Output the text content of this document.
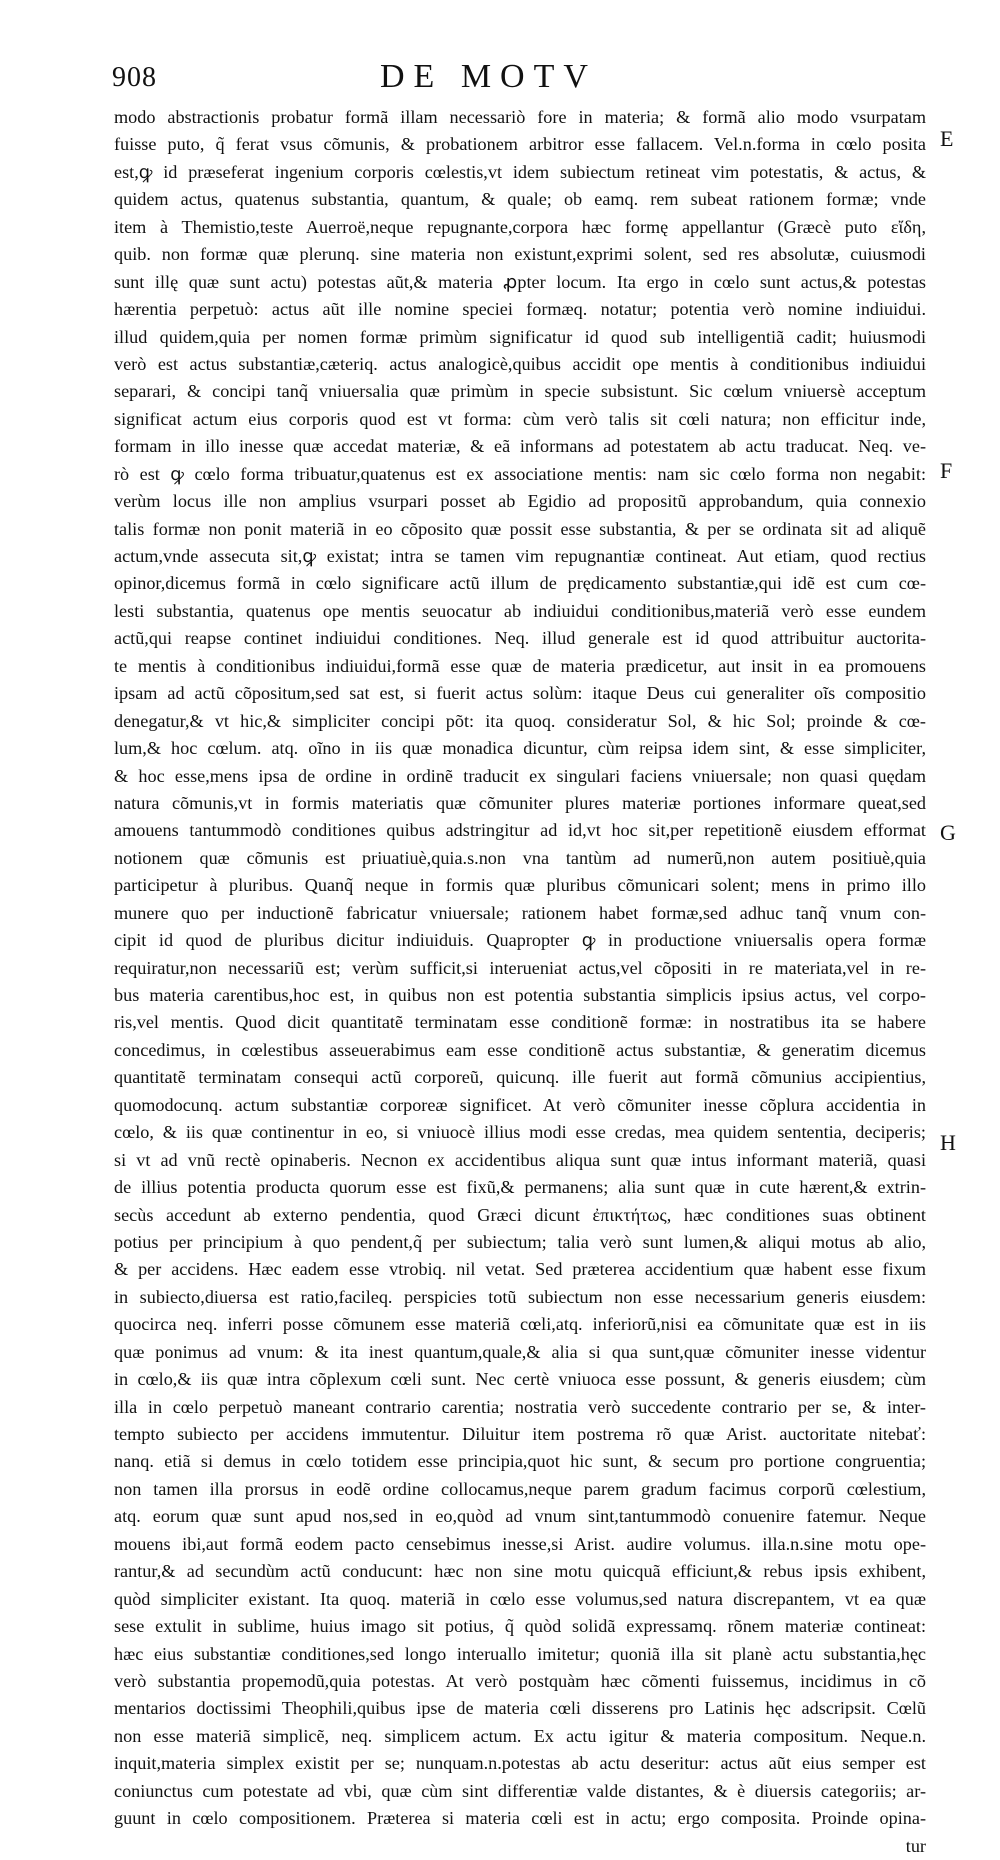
908	DE MOTV
E
F
G
H
modo abstractionis probatur formã illam necessariò fore in materia; & formã alio modo vsurpatam
fuisse puto, q̃ ferat vsus cõmunis, & probationem arbitror esse fallacem. Vel.n.forma in cœlo posita
est,ꝙ id præseferat ingenium corporis cœlestis,vt idem subiectum retineat vim potestatis, & actus, &
quidem actus, quatenus substantia, quantum, & quale; ob eamq. rem subeat rationem formæ; vnde
item à Themistio,teste Auerroë,neque repugnante,corpora hæc formę appellantur (Græcè puto εἴδη,
quib. non formæ quæ plerunq. sine materia non existunt,exprimi solent, sed res absolutæ, cuiusmodi
sunt illę quæ sunt actu) potestas aũt,& materia ꝓpter locum. Ita ergo in cœlo sunt actus,& potestas
hærentia perpetuò: actus aũt ille nomine speciei formæq. notatur; potentia verò nomine indiuidui.
illud quidem,quia per nomen formæ primùm significatur id quod sub intelligentiã cadit; huiusmodi
verò est actus substantiæ,cæteriq. actus analogicè,quibus accidit ope mentis à conditionibus indiuidui
separari, & concipi tanq̃ vniuersalia quæ primùm in specie subsistunt. Sic cœlum vniuersè acceptum
significat actum eius corporis quod est vt forma: cùm verò talis sit cœli natura; non efficitur inde,
formam in illo inesse quæ accedat materiæ, & eã informans ad potestatem ab actu traducat. Neq. ve-
rò est ꝙ cœlo forma tribuatur,quatenus est ex associatione mentis: nam sic cœlo forma non negabit:
verùm locus ille non amplius vsurpari posset ab Egidio ad propositũ approbandum, quia connexio
talis formæ non ponit materiã in eo cõposito quæ possit esse substantia, & per se ordinata sit ad aliquẽ
actum,vnde assecuta sit,ꝙ existat; intra se tamen vim repugnantiæ contineat. Aut etiam, quod rectius
opinor,dicemus formã in cœlo significare actũ illum de prędicamento substantiæ,qui idẽ est cum cœ-
lesti substantia, quatenus ope mentis seuocatur ab indiuidui conditionibus,materiã verò esse eundem
actũ,qui reapse continet indiuidui conditiones. Neq. illud generale est id quod attribuitur auctorita-
te mentis à conditionibus indiuidui,formã esse quæ de materia prædicetur, aut insit in ea promouens
ipsam ad actũ cõpositum,sed sat est, si fuerit actus solùm: itaque Deus cui generaliter oĩs compositio
denegatur,& vt hic,& simpliciter concipi põt: ita quoq. consideratur Sol, & hic Sol; proinde & cœ-
lum,& hoc cœlum. atq. oĩno in iis quæ monadica dicuntur, cùm reipsa idem sint, & esse simpliciter,
& hoc esse,mens ipsa de ordine in ordinẽ traducit ex singulari faciens vniuersale; non quasi quędam
natura cõmunis,vt in formis materiatis quæ cõmuniter plures materiæ portiones informare queat,sed
amouens tantummodò conditiones quibus adstringitur ad id,vt hoc sit,per repetitionẽ eiusdem efformat
notionem quæ cõmunis est priuatiuè,quia.s.non vna tantùm ad numerũ,non autem positiuè,quia
participetur à pluribus. Quanq̃ neque in formis quæ pluribus cõmunicari solent; mens in primo illo
munere quo per inductionẽ fabricatur vniuersale; rationem habet formæ,sed adhuc tanq̃ vnum con-
cipit id quod de pluribus dicitur indiuiduis. Quapropter ꝙ in productione vniuersalis opera formæ
requiratur,non necessariũ est; verùm sufficit,si interueniat actus,vel cõpositi in re materiata,vel in re-
bus materia carentibus,hoc est, in quibus non est potentia substantia simplicis ipsius actus, vel corpo-
ris,vel mentis. Quod dicit quantitatẽ terminatam esse conditionẽ formæ: in nostratibus ita se habere
concedimus, in cœlestibus asseuerabimus eam esse conditionẽ actus substantiæ, & generatim dicemus
quantitatẽ terminatam consequi actũ corporeũ, quicunq. ille fuerit aut formã cõmunius accipientius,
quomodocunq. actum substantiæ corporeæ significet. At verò cõmuniter inesse cõplura accidentia in
cœlo, & iis quæ continentur in eo, si vniuocè illius modi esse credas, mea quidem sententia, deciperis;
si vt ad vnũ rectè opinaberis. Necnon ex accidentibus aliqua sunt quæ intus informant materiã, quasi
de illius potentia producta quorum esse est fixũ,& permanens; alia sunt quæ in cute hærent,& extrin-
secùs accedunt ab externo pendentia, quod Græci dicunt ἐπικτήτως, hæc conditiones suas obtinent
potius per principium à quo pendent,q̃ per subiectum; talia verò sunt lumen,& aliqui motus ab alio,
& per accidens. Hæc eadem esse vtrobiq. nil vetat. Sed præterea accidentium quæ habent esse fixum
in subiecto,diuersa est ratio,facileq. perspicies totũ subiectum non esse necessarium generis eiusdem:
quocirca neq. inferri posse cõmunem esse materiã cœli,atq. inferiorũ,nisi ea cõmunitate quæ est in iis
quæ ponimus ad vnum: & ita inest quantum,quale,& alia si qua sunt,quæ cõmuniter inesse videntur
in cœlo,& iis quæ intra cõplexum cœli sunt. Nec certè vniuoca esse possunt, & generis eiusdem; cùm
illa in cœlo perpetuò maneant contrario carentia; nostratia verò succedente contrario per se, & inter-
tempto subiecto per accidens immutentur. Diluitur item postrema rõ quæ Arist. auctoritate nitebať:
nanq. etiã si demus in cœlo totidem esse principia,quot hic sunt, & secum pro portione congruentia;
non tamen illa prorsus in eodẽ ordine collocamus,neque parem gradum facimus corporũ cœlestium,
atq. eorum quæ sunt apud nos,sed in eo,quòd ad vnum sint,tantummodò conuenire fatemur. Neque
mouens ibi,aut formã eodem pacto censebimus inesse,si Arist. audire volumus. illa.n.sine motu ope-
rantur,& ad secundùm actũ conducunt: hæc non sine motu quicquã efficiunt,& rebus ipsis exhibent,
quòd simpliciter existant. Ita quoq. materiã in cœlo esse volumus,sed natura discrepantem, vt ea quæ
sese extulit in sublime, huius imago sit potius, q̃ quòd solidã expressamq. rõnem materiæ contineat:
hæc eius substantiæ conditiones,sed longo interuallo imitetur; quoniã illa sit planè actu substantia,hęc
verò substantia propemodũ,quia potestas. At verò postquàm hæc cõmenti fuissemus, incidimus in cõ
mentarios doctissimi Theophili,quibus ipse de materia cœli disserens pro Latinis hęc adscripsit. Cœlũ
non esse materiã simplicẽ, neq. simplicem actum. Ex actu igitur & materia compositum. Neque.n.
inquit,materia simplex existit per se; nunquam.n.potestas ab actu deseritur: actus aũt eius semper est
coniunctus cum potestate ad vbi, quæ cùm sint differentiæ valde distantes, & è diuersis categoriis; ar-
guunt in cœlo compositionem. Præterea si materia cœli est in actu; ergo composita. Proinde opina-
tur
